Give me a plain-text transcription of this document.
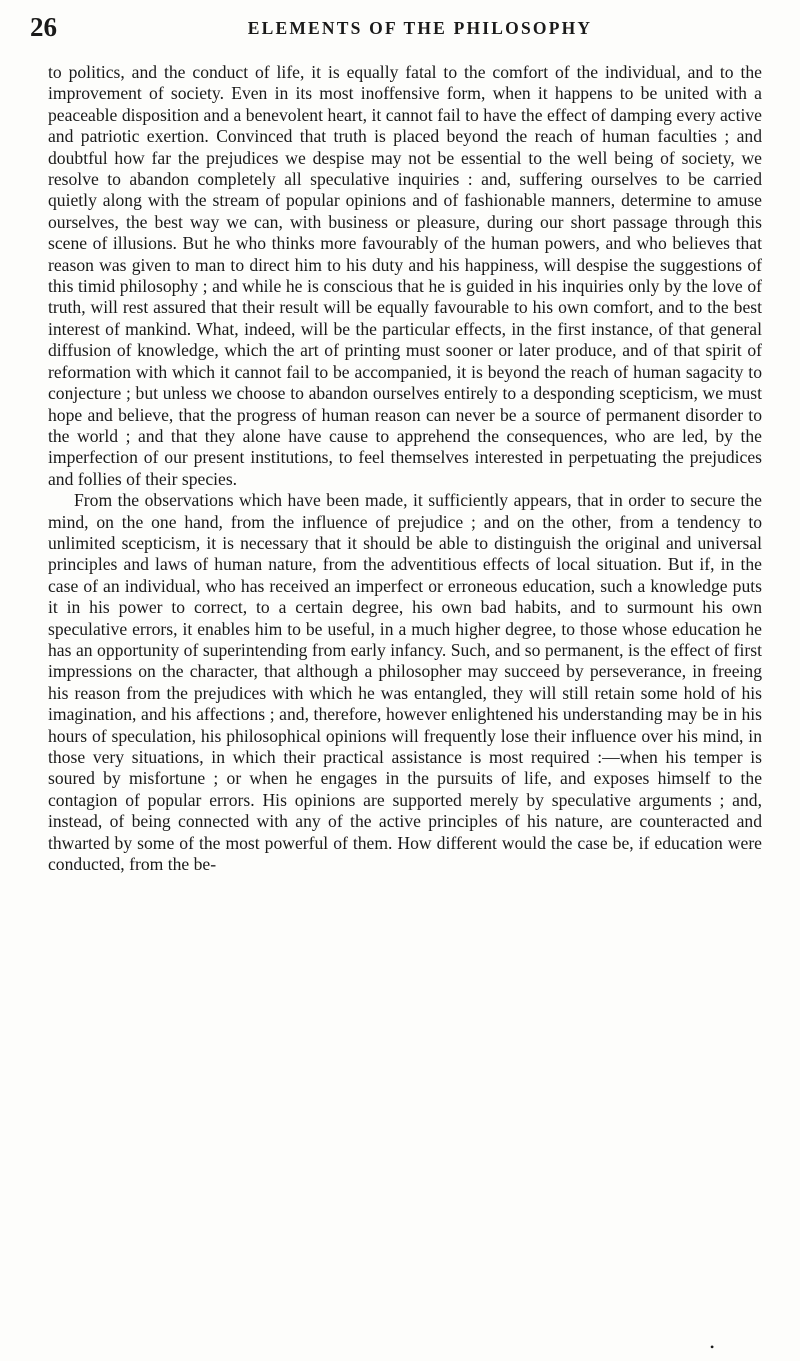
26	ELEMENTS OF THE PHILOSOPHY

to politics, and the conduct of life, it is equally fatal to the comfort of the individual, and to the improvement of society. Even in its most inoffensive form, when it happens to be united with a peaceable disposition and a benevolent heart, it cannot fail to have the effect of damping every active and patriotic exertion. Convinced that truth is placed beyond the reach of human faculties ; and doubtful how far the prejudices we despise may not be essential to the well being of society, we resolve to abandon completely all speculative inquiries : and, suffering ourselves to be carried quietly along with the stream of popular opinions and of fashionable manners, determine to amuse ourselves, the best way we can, with business or pleasure, during our short passage through this scene of illusions. But he who thinks more favourably of the human powers, and who believes that reason was given to man to direct him to his duty and his happiness, will despise the suggestions of this timid philosophy ; and while he is conscious that he is guided in his inquiries only by the love of truth, will rest assured that their result will be equally favourable to his own comfort, and to the best interest of mankind. What, indeed, will be the particular effects, in the first instance, of that general diffusion of knowledge, which the art of printing must sooner or later produce, and of that spirit of reformation with which it cannot fail to be accompanied, it is beyond the reach of human sagacity to conjecture ; but unless we choose to abandon ourselves entirely to a desponding scepticism, we must hope and believe, that the progress of human reason can never be a source of permanent disorder to the world ; and that they alone have cause to apprehend the consequences, who are led, by the imperfection of our present institutions, to feel themselves interested in perpetuating the prejudices and follies of their species.

From the observations which have been made, it sufficiently appears, that in order to secure the mind, on the one hand, from the influence of prejudice ; and on the other, from a tendency to unlimited scepticism, it is necessary that it should be able to distinguish the original and universal principles and laws of human nature, from the adventitious effects of local situation. But if, in the case of an individual, who has received an imperfect or erroneous education, such a knowledge puts it in his power to correct, to a certain degree, his own bad habits, and to surmount his own speculative errors, it enables him to be useful, in a much higher degree, to those whose education he has an opportunity of superintending from early infancy. Such, and so permanent, is the effect of first impressions on the character, that although a philosopher may succeed by perseverance, in freeing his reason from the prejudices with which he was entangled, they will still retain some hold of his imagination, and his affections ; and, therefore, however enlightened his understanding may be in his hours of speculation, his philosophical opinions will frequently lose their influence over his mind, in those very situations, in which their practical assistance is most required :—when his temper is soured by misfortune ; or when he engages in the pursuits of life, and exposes himself to the contagion of popular errors. His opinions are supported merely by speculative arguments ; and, instead, of being connected with any of the active principles of his nature, are counteracted and thwarted by some of the most powerful of them. How different would the case be, if education were conducted, from the be-

•
